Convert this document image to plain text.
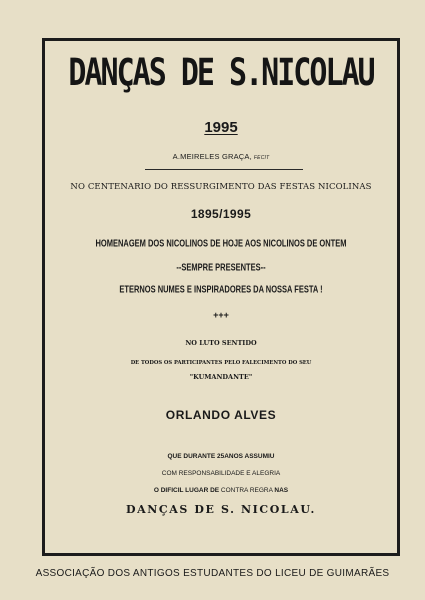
DANÇAS DE S.NICOLAU
1995
A.MEIRELES GRAÇA, FECIT
NO CENTENARIO DO RESSURGIMENTO DAS FESTAS NICOLINAS
1895/1995
HOMENAGEM DOS NICOLINOS DE HOJE AOS NICOLINOS DE ONTEM
--SEMPRE PRESENTES--
ETERNOS NUMES E INSPIRADORES DA NOSSA FESTA !
+++
NO LUTO SENTIDO
DE TODOS OS PARTICIPANTES PELO FALECIMENTO DO SEU
"KUMANDANTE"
ORLANDO ALVES
QUE DURANTE 25ANOS ASSUMIU
COM RESPONSABILIDADE E ALEGRIA
O DIFICIL LUGAR DE CONTRA REGRA NAS
DANÇAS DE S. NICOLAU.
ASSOCIAÇÃO DOS ANTIGOS ESTUDANTES DO LICEU DE GUIMARÃES
